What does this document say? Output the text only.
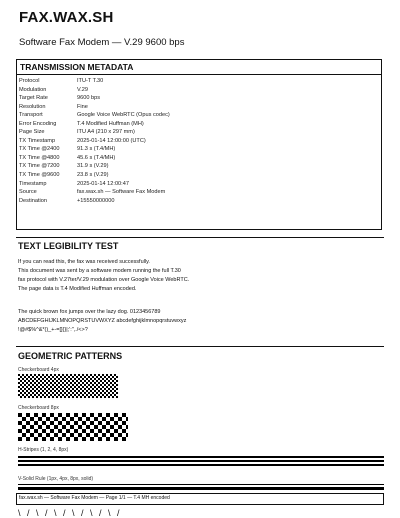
FAX.WAX.SH
Software Fax Modem — V.29 9600 bps
TRANSMISSION METADATA
Protocol	ITU-T T.30
Modulation	V.29
Target Rate	9600 bps
Resolution	Fine
Transport	Google Voice WebRTC (Opus codec)
Error Encoding	T.4 Modified Huffman (MH)
Page Size	ITU A4 (210 x 297 mm)
TX Timestamp	2025-01-14 12:00:00 (UTC)
TX Time @2400	91.3 s (T.4/MH)
TX Time @4800	45.6 s (T.4/MH)
TX Time @7200	31.9 s (V.29)
TX Time @9600	23.8 s (V.29)
Timestamp	2025-01-14 12:00:47
Source	fax.wax.sh — Software Fax Modem
Destination	+15550000000
TEXT LEGIBILITY TEST
If you can read this, the fax was received successfully.
This document was sent by a software modem running the full T.30
fax protocol with V.27ter/V.29 modulation over Google Voice WebRTC.
The page data is T.4 Modified Huffman encoded.
The quick brown fox jumps over the lazy dog. 0123456789
ABCDEFGHIJKLMNOPQRSTUVWXYZ abcdefghijklmnopqrstuvwxyz
!@#$%^&*()_+-=[]{}|;':",./<>?
GEOMETRIC PATTERNS
Checkerboard 4px
Checkerboard 8px
H-Stripes (1, 2, 4, 8px)
V-Solid Rule (1px, 4px, 8px, solid)
fax.wax.sh — Software Fax Modem — Page 1/1 — T.4 MH encoded
\ / \ / \ / \ / \ / \ /
